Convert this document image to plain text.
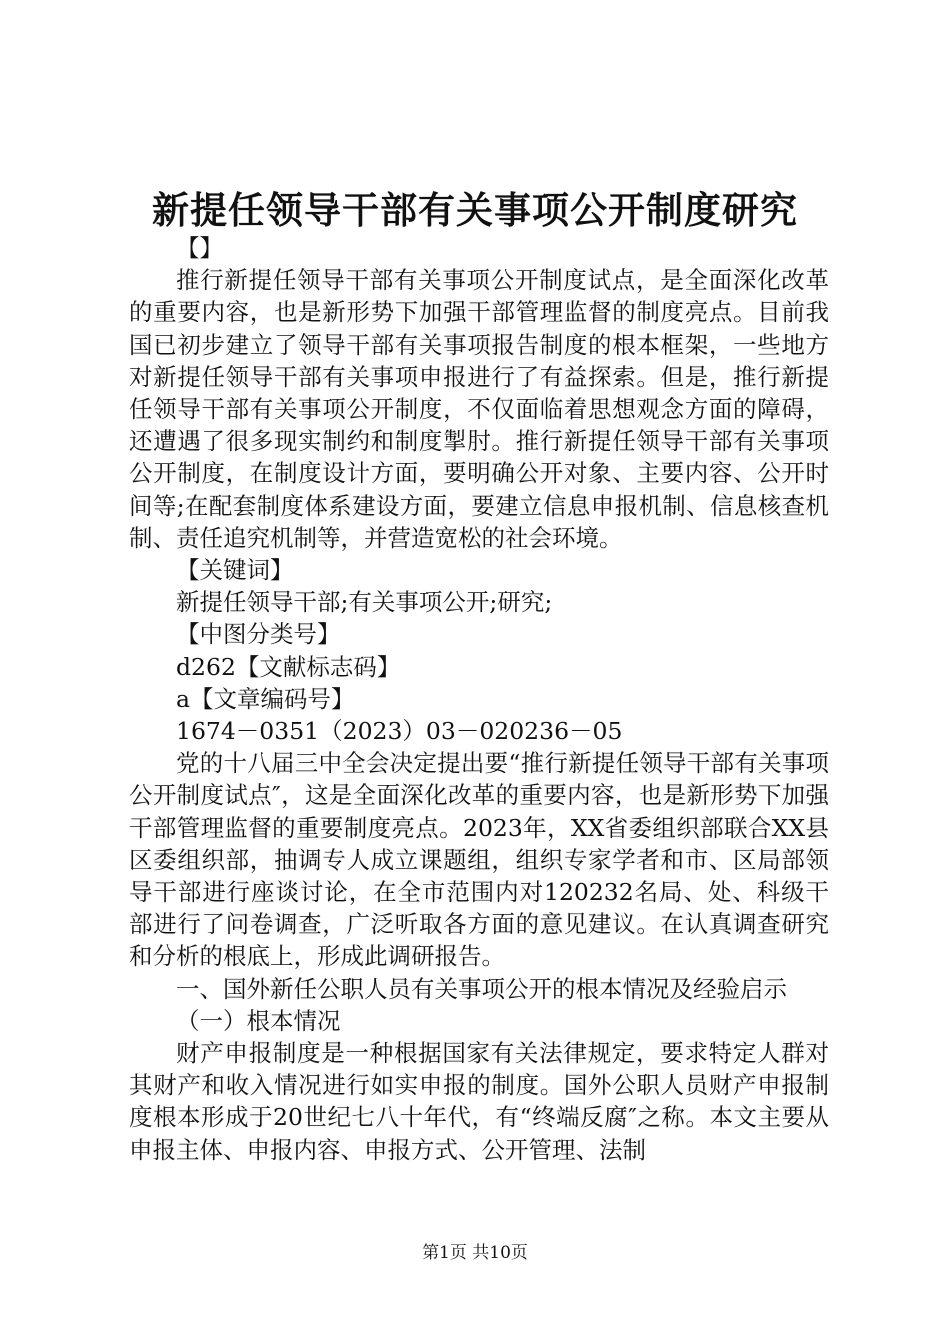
新提任领导干部有关事项公开制度研究

【】

推行新提任领导干部有关事项公开制度试点，是全面深化改革的重要内容，也是新形势下加强干部管理监督的制度亮点。目前我国已初步建立了领导干部有关事项报告制度的根本框架，一些地方对新提任领导干部有关事项申报进行了有益探索。但是，推行新提任领导干部有关事项公开制度，不仅面临着思想观念方面的障碍，还遭遇了很多现实制约和制度掣肘。推行新提任领导干部有关事项公开制度，在制度设计方面，要明确公开对象、主要内容、公开时间等;在配套制度体系建设方面，要建立信息申报机制、信息核查机制、责任追究机制等，并营造宽松的社会环境。

【关键词】

新提任领导干部;有关事项公开;研究;

【中图分类号】

d262【文献标志码】

a【文章编码号】

1674－0351（2023）03－020236－05

党的十八届三中全会决定提出要“推行新提任领导干部有关事项公开制度试点″，这是全面深化改革的重要内容，也是新形势下加强干部管理监督的重要制度亮点。2023年，XX省委组织部联合XX县区委组织部，抽调专人成立课题组，组织专家学者和市、区局部领导干部进行座谈讨论，在全市范围内对120232名局、处、科级干部进行了问卷调查，广泛听取各方面的意见建议。在认真调查研究和分析的根底上，形成此调研报告。

一、国外新任公职人员有关事项公开的根本情况及经验启示

（一）根本情况

财产申报制度是一种根据国家有关法律规定，要求特定人群对其财产和收入情况进行如实申报的制度。国外公职人员财产申报制度根本形成于20世纪七八十年代，有“终端反腐″之称。本文主要从申报主体、申报内容、申报方式、公开管理、法制

第1页 共10页
